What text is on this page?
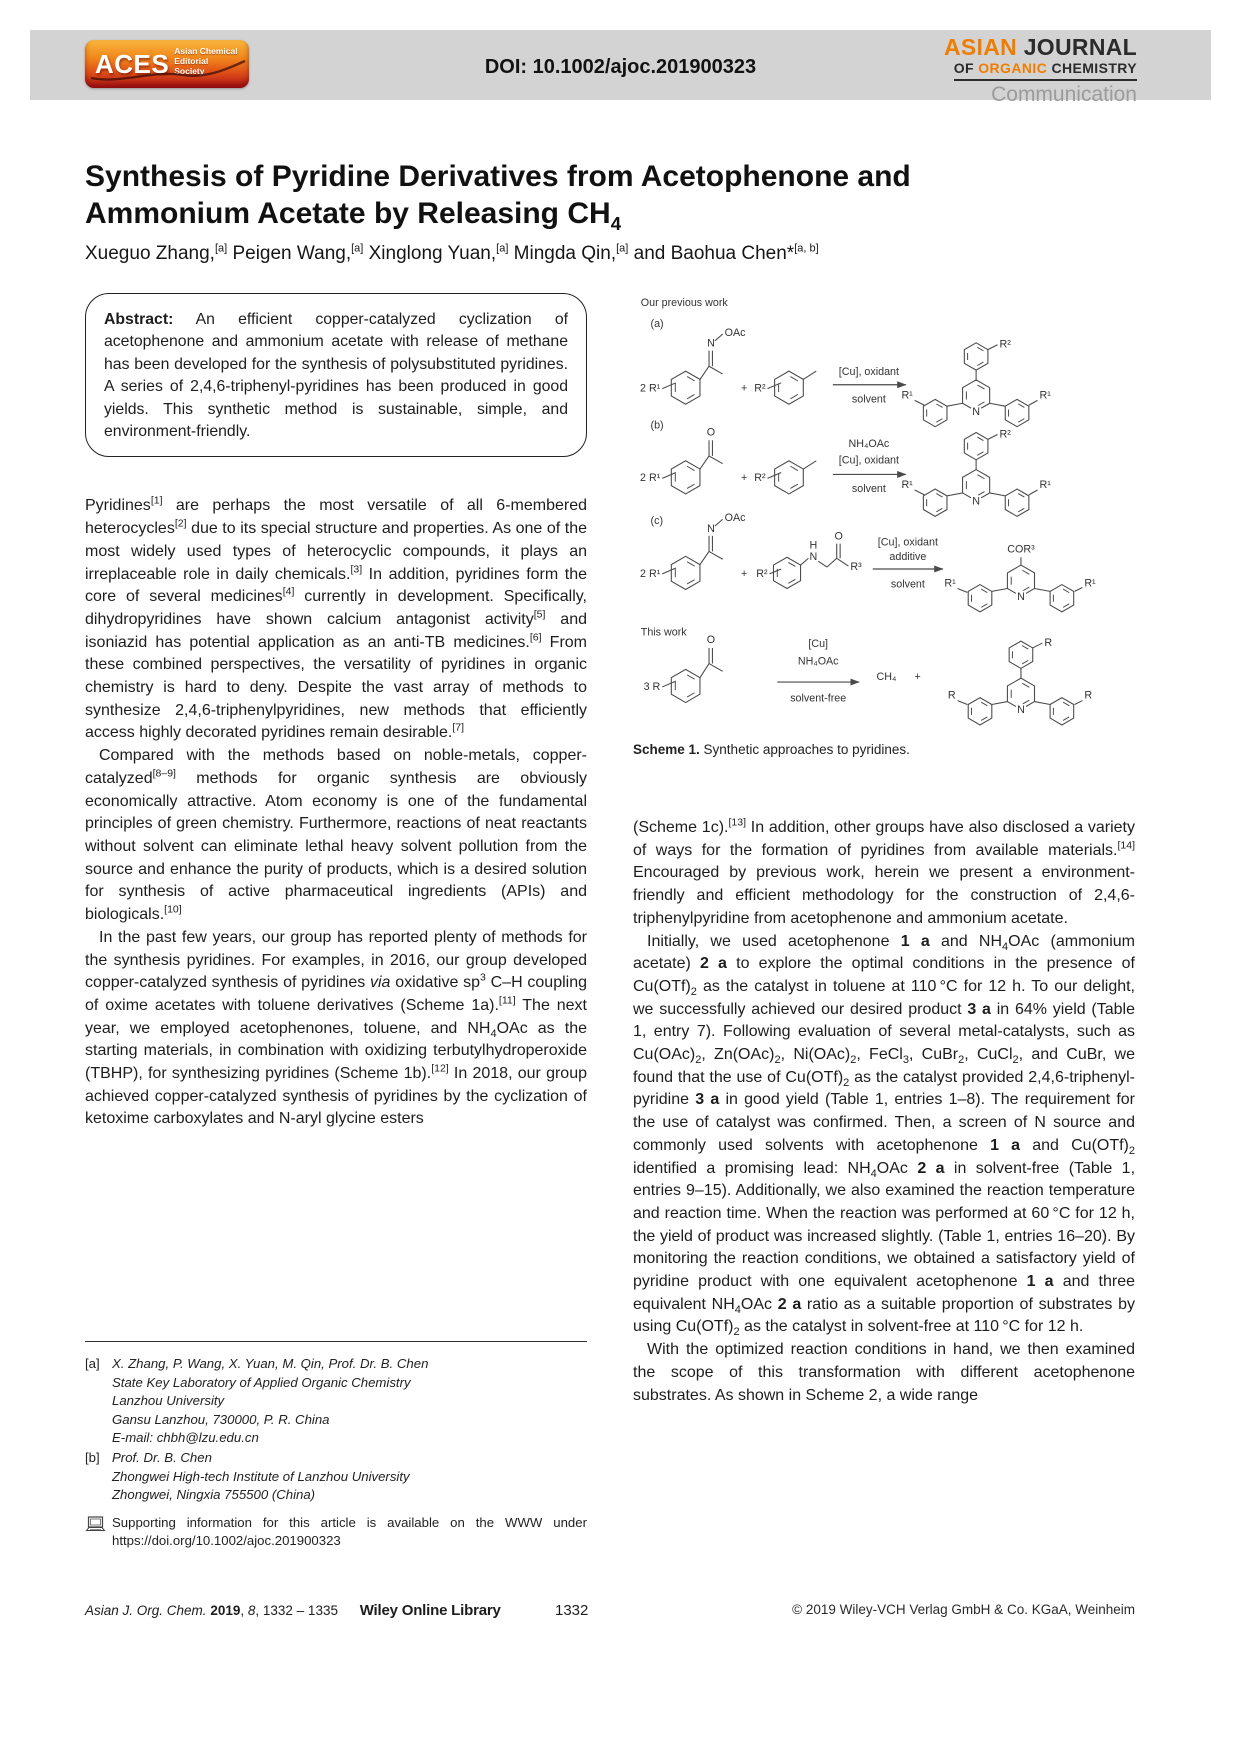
ACES Asian Chemical
Editorial Society	DOI: 10.1002/ajoc.201900323
ASIAN JOURNAL
OF ORGANIC CHEMISTRY
Communication
Synthesis of Pyridine Derivatives from Acetophenone and
Ammonium Acetate by Releasing $CH_4$
Xueguo Zhang,[a] Peigen Wang,[a] Xinglong Yuan,[a] Mingda Qin,[a] and Baohua Chen*[a, b]
Abstract: An efficient copper-catalyzed cyclization of acetophenone and ammonium acetate with release of methane has been developed for the synthesis of polysubstituted pyridines. A series of 2,4,6-triphenyl-pyridines has been produced in good yields. This synthetic method is sustainable, simple, and environment-friendly.

Pyridines[1] are perhaps the most versatile of all 6-membered heterocycles[2] due to its special structure and properties. As one of the most widely used types of heterocyclic compounds, it plays an irreplaceable role in daily chemicals.[3] In addition, pyridines form the core of several medicines[4] currently in development. Specifically, dihydropyridines have shown calcium antagonist activity[5] and isoniazid has potential application as an anti-TB medicines.[6] From these combined perspectives, the versatility of pyridines in organic chemistry is hard to deny. Despite the vast array of methods to synthesize 2,4,6-triphenylpyridines, new methods that efficiently access highly decorated pyridines remain desirable.[7]

Compared with the methods based on noble-metals, copper-catalyzed[8–9] methods for organic synthesis are obviously economically attractive. Atom economy is one of the fundamental principles of green chemistry. Furthermore, reactions of neat reactants without solvent can eliminate lethal heavy solvent pollution from the source and enhance the purity of products, which is a desired solution for synthesis of active pharmaceutical ingredients (APIs) and biologicals.[10]

In the past few years, our group has reported plenty of methods for the synthesis pyridines. For examples, in 2016, our group developed copper-catalyzed synthesis of pyridines via oxidative $sp^3$ C–H coupling of oxime acetates with toluene derivatives (Scheme 1a).[11] The next year, we employed acetophenones, toluene, and $NH_4OAc$ as the starting materials, in combination with oxidizing terbutylhydroperoxide (TBHP), for synthesizing pyridines (Scheme 1b).[12] In 2018, our group achieved copper-catalyzed synthesis of pyridines by the cyclization of ketoxime carboxylates and N-aryl glycine esters

N
N
N
N
Our previous work
(a)
2 R¹
N
OAc
+ R²
[Cu], oxidant
solvent
R²
R¹	R¹
(b)
2 R¹
O
+ R²
NH₄OAc
[Cu], oxidant
solvent
R²
R¹	R¹
(c)
2 R¹
N
OAc
+ R²
H
N
O
R³
[Cu], oxidant
additive
solvent
COR³
R¹	R¹
This work
3 R
O	[Cu]
NH₄OAc
solvent-free
CH₄ +
R
R	R
Scheme 1. Synthetic approaches to pyridines.

(Scheme 1c).[13] In addition, other groups have also disclosed a variety of ways for the formation of pyridines from available materials.[14] Encouraged by previous work, herein we present a environment-friendly and efficient methodology for the construction of 2,4,6-triphenylpyridine from acetophenone and ammonium acetate.

Initially, we used acetophenone 1 a and $NH_4OAc$ (ammonium acetate) 2 a to explore the optimal conditions in the presence of $Cu(OTf)_2$ as the catalyst in toluene at 110 °C for 12 h. To our delight, we successfully achieved our desired product 3 a in 64% yield (Table 1, entry 7). Following evaluation of several metal-catalysts, such as $Cu(OAc)_2$, $Zn(OAc)_2$, $Ni(OAc)_2$, FeCl$_3$, CuBr$_2$, CuCl$_2$, and CuBr, we found that the use of $Cu(OTf)_2$ as the catalyst provided 2,4,6-triphenyl-pyridine 3 a in good yield (Table 1, entries 1–8). The requirement for the use of catalyst was confirmed. Then, a screen of N source and commonly used solvents with acetophenone 1 a and $Cu(OTf)_2$ identified a promising lead: $NH_4OAc$ 2 a in solvent-free (Table 1, entries 9–15). Additionally, we also examined the reaction temperature and reaction time. When the reaction was performed at 60 °C for 12 h, the yield of product was increased slightly. (Table 1, entries 16–20). By monitoring the reaction conditions, we obtained a satisfactory yield of pyridine product with one equivalent acetophenone 1 a and three equivalent $NH_4OAc$ 2 a ratio as a suitable proportion of substrates by using $Cu(OTf)_2$ as the catalyst in solvent-free at 110 °C for 12 h.

With the optimized reaction conditions in hand, we then examined the scope of this transformation with different acetophenone substrates. As shown in Scheme 2, a wide range

[a] X. Zhang, P. Wang, X. Yuan, M. Qin, Prof. Dr. B. Chen
State Key Laboratory of Applied Organic Chemistry
Lanzhou University
Gansu Lanzhou, 730000, P. R. China
E-mail: chbh@lzu.edu.cn
[b] Prof. Dr. B. Chen
Zhongwei High-tech Institute of Lanzhou University
Zhongwei, Ningxia 755500 (China)
Supporting information for this article is available on the WWW under https://doi.org/10.1002/ajoc.201900323
Asian J. Org. Chem. 2019, 8, 1332 – 1335 Wiley Online Library	1332	© 2019 Wiley-VCH Verlag GmbH & Co. KGaA, Weinheim
